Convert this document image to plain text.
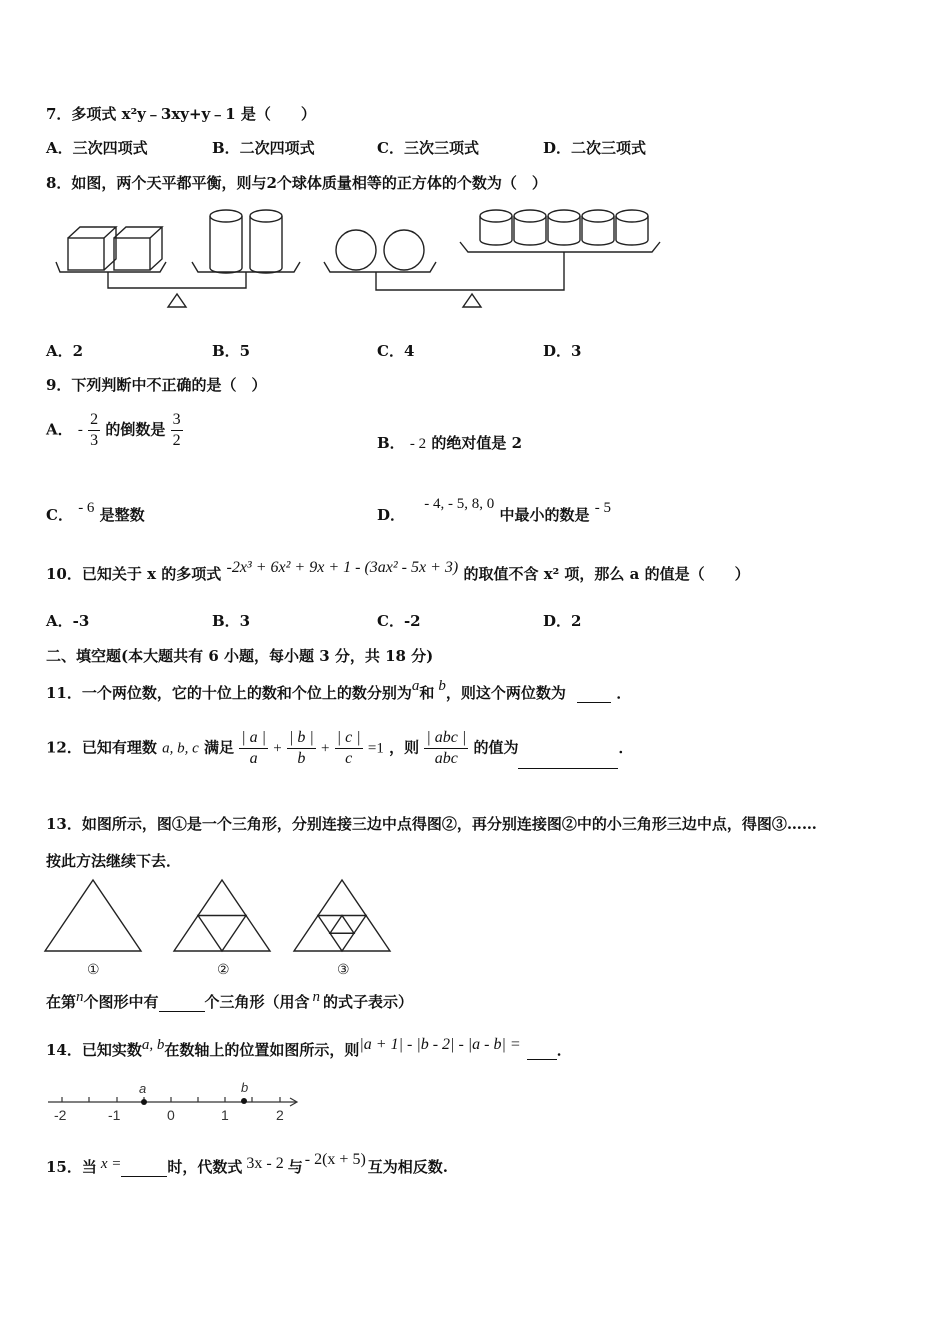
7．多项式 x²y﹣3xy+y﹣1 是（　　）
A．三次四项式	B．二次四项式	C．三次三项式	D．二次三项式
8．如图，两个天平都平衡，则与2个球体质量相等的正方体的个数为（　）
A．2	B．5	C．4	D．3
9．下列判断中不正确的是（　）
A． - $\frac{2}{3}$ 的倒数是 $\frac{3}{2}$	B． - 2 的绝对值是 2
C． - 6 是整数	D． - 4, - 5, 8, 0 中最小的数是 - 5
10．已知关于 x 的多项式 -2x³ + 6x² + 9x + 1 - (3ax² - 5x + 3) 的取值不含 x² 项，那么 a 的值是（　　）
A．-3	B．3	C．-2	D．2
二、填空题(本大题共有 6 小题，每小题 3 分，共 18 分)
11．一个两位数，它的十位上的数和个位上的数分别为a和 b，则这个两位数为	．
12．已知有理数 a, b, c 满足 $\frac{| a |}{a} + \frac{| b |}{b} + \frac{| c |}{c} =1$ ，则 $\frac{\text{| abc |}}{\text{abc}}$ 的值为	．
13．如图所示，图①是一个三角形，分别连接三边中点得图②，再分别连接图②中的小三角形三边中点，得图③……
按此方法继续下去．
①	②	③
在第n个图形中有	个三角形（用含 n 的式子表示）
14．已知实数a, b在数轴上的位置如图所示，则|a + 1| - |b - 2| - |a - b| = ．
a	b
-2	-1	0	1	2
15．当 x =	时，代数式 3x - 2 与 - 2(x + 5) 互为相反数.
